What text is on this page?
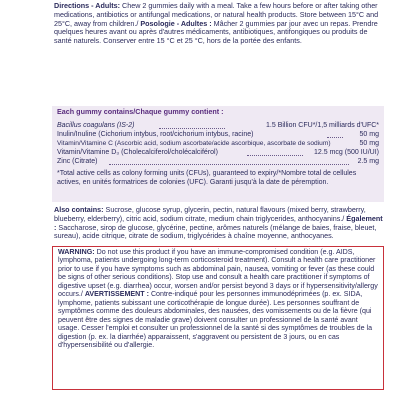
Directions - Adults: Chew 2 gummies daily with a meal. Take a few hours before or after taking other medications, antibiotics or antifungal medications, or natural health products. Store between 15°C and 25°C, away from children./ Posologie - Adultes : Mâcher 2 gummies par jour avec un repas. Prendre quelques heures avant ou après d'autres médicaments, antibiotiques, antifongiques ou produits de santé naturels. Conserver entre 15 °C et 25 °C, hors de la portée des enfants.
Each gummy contains/Chaque gummy contient :
Bacillus coagulans (IS-2)	1.5 Billion CFU*/1,5 milliards d'UFC*
Inulin/Inuline (Cichorium intybus, root/cichorium intybus, racine)	50 mg
Vitamin/Vitamine C (Ascorbic acid, sodium ascorbate/acide ascorbique, ascorbate de sodium)	50 mg
Vitamin/Vitamine D₃ (Cholecalciferol/cholécalciférol)	12.5 mcg (500 IU/UI)
Zinc (Citrate)	2.5 mg
*Total active cells as colony forming units (CFUs), guaranteed to expiry/*Nombre total de cellules actives, en unités formatrices de colonies (UFC). Garanti jusqu'à la date de péremption.
Also contains: Sucrose, glucose syrup, glycerin, pectin, natural flavours (mixed berry, strawberry, blueberry, elderberry), citric acid, sodium citrate, medium chain triglycerides, anthocyanins./ Également : Saccharose, sirop de glucose, glycérine, pectine, arômes naturels (mélange de baies, fraise, bleuet, sureau), acide citrique, citrate de sodium, triglycérides à chaîne moyenne, anthocyanes.
WARNING: Do not use this product if you have an immune-compromised condition (e.g. AIDS, lymphoma, patients undergoing long-term corticosteroid treatment). Consult a health care practitioner prior to use if you have symptoms such as abdominal pain, nausea, vomiting or fever (as these could be signs of other serious conditions). Stop use and consult a health care practitioner if symptoms of digestive upset (e.g. diarrhea) occur, worsen and/or persist beyond 3 days or if hypersensitivity/allergy occurs./ AVERTISSEMENT : Contre-indiqué pour les personnes immunodéprimées (p. ex. SIDA, lymphome, patients subissant une corticothérapie de longue durée). Les personnes souffrant de symptômes comme des douleurs abdominales, des nausées, des vomissements ou de la fièvre (qui peuvent être des signes de maladie grave) doivent consulter un professionnel de la santé avant usage. Cesser l'emploi et consulter un professionnel de la santé si des symptômes de troubles de la digestion (p. ex. la diarrhée) apparaissent, s'aggravent ou persistent de 3 jours, ou en cas d'hypersensibilité ou d'allergie.
